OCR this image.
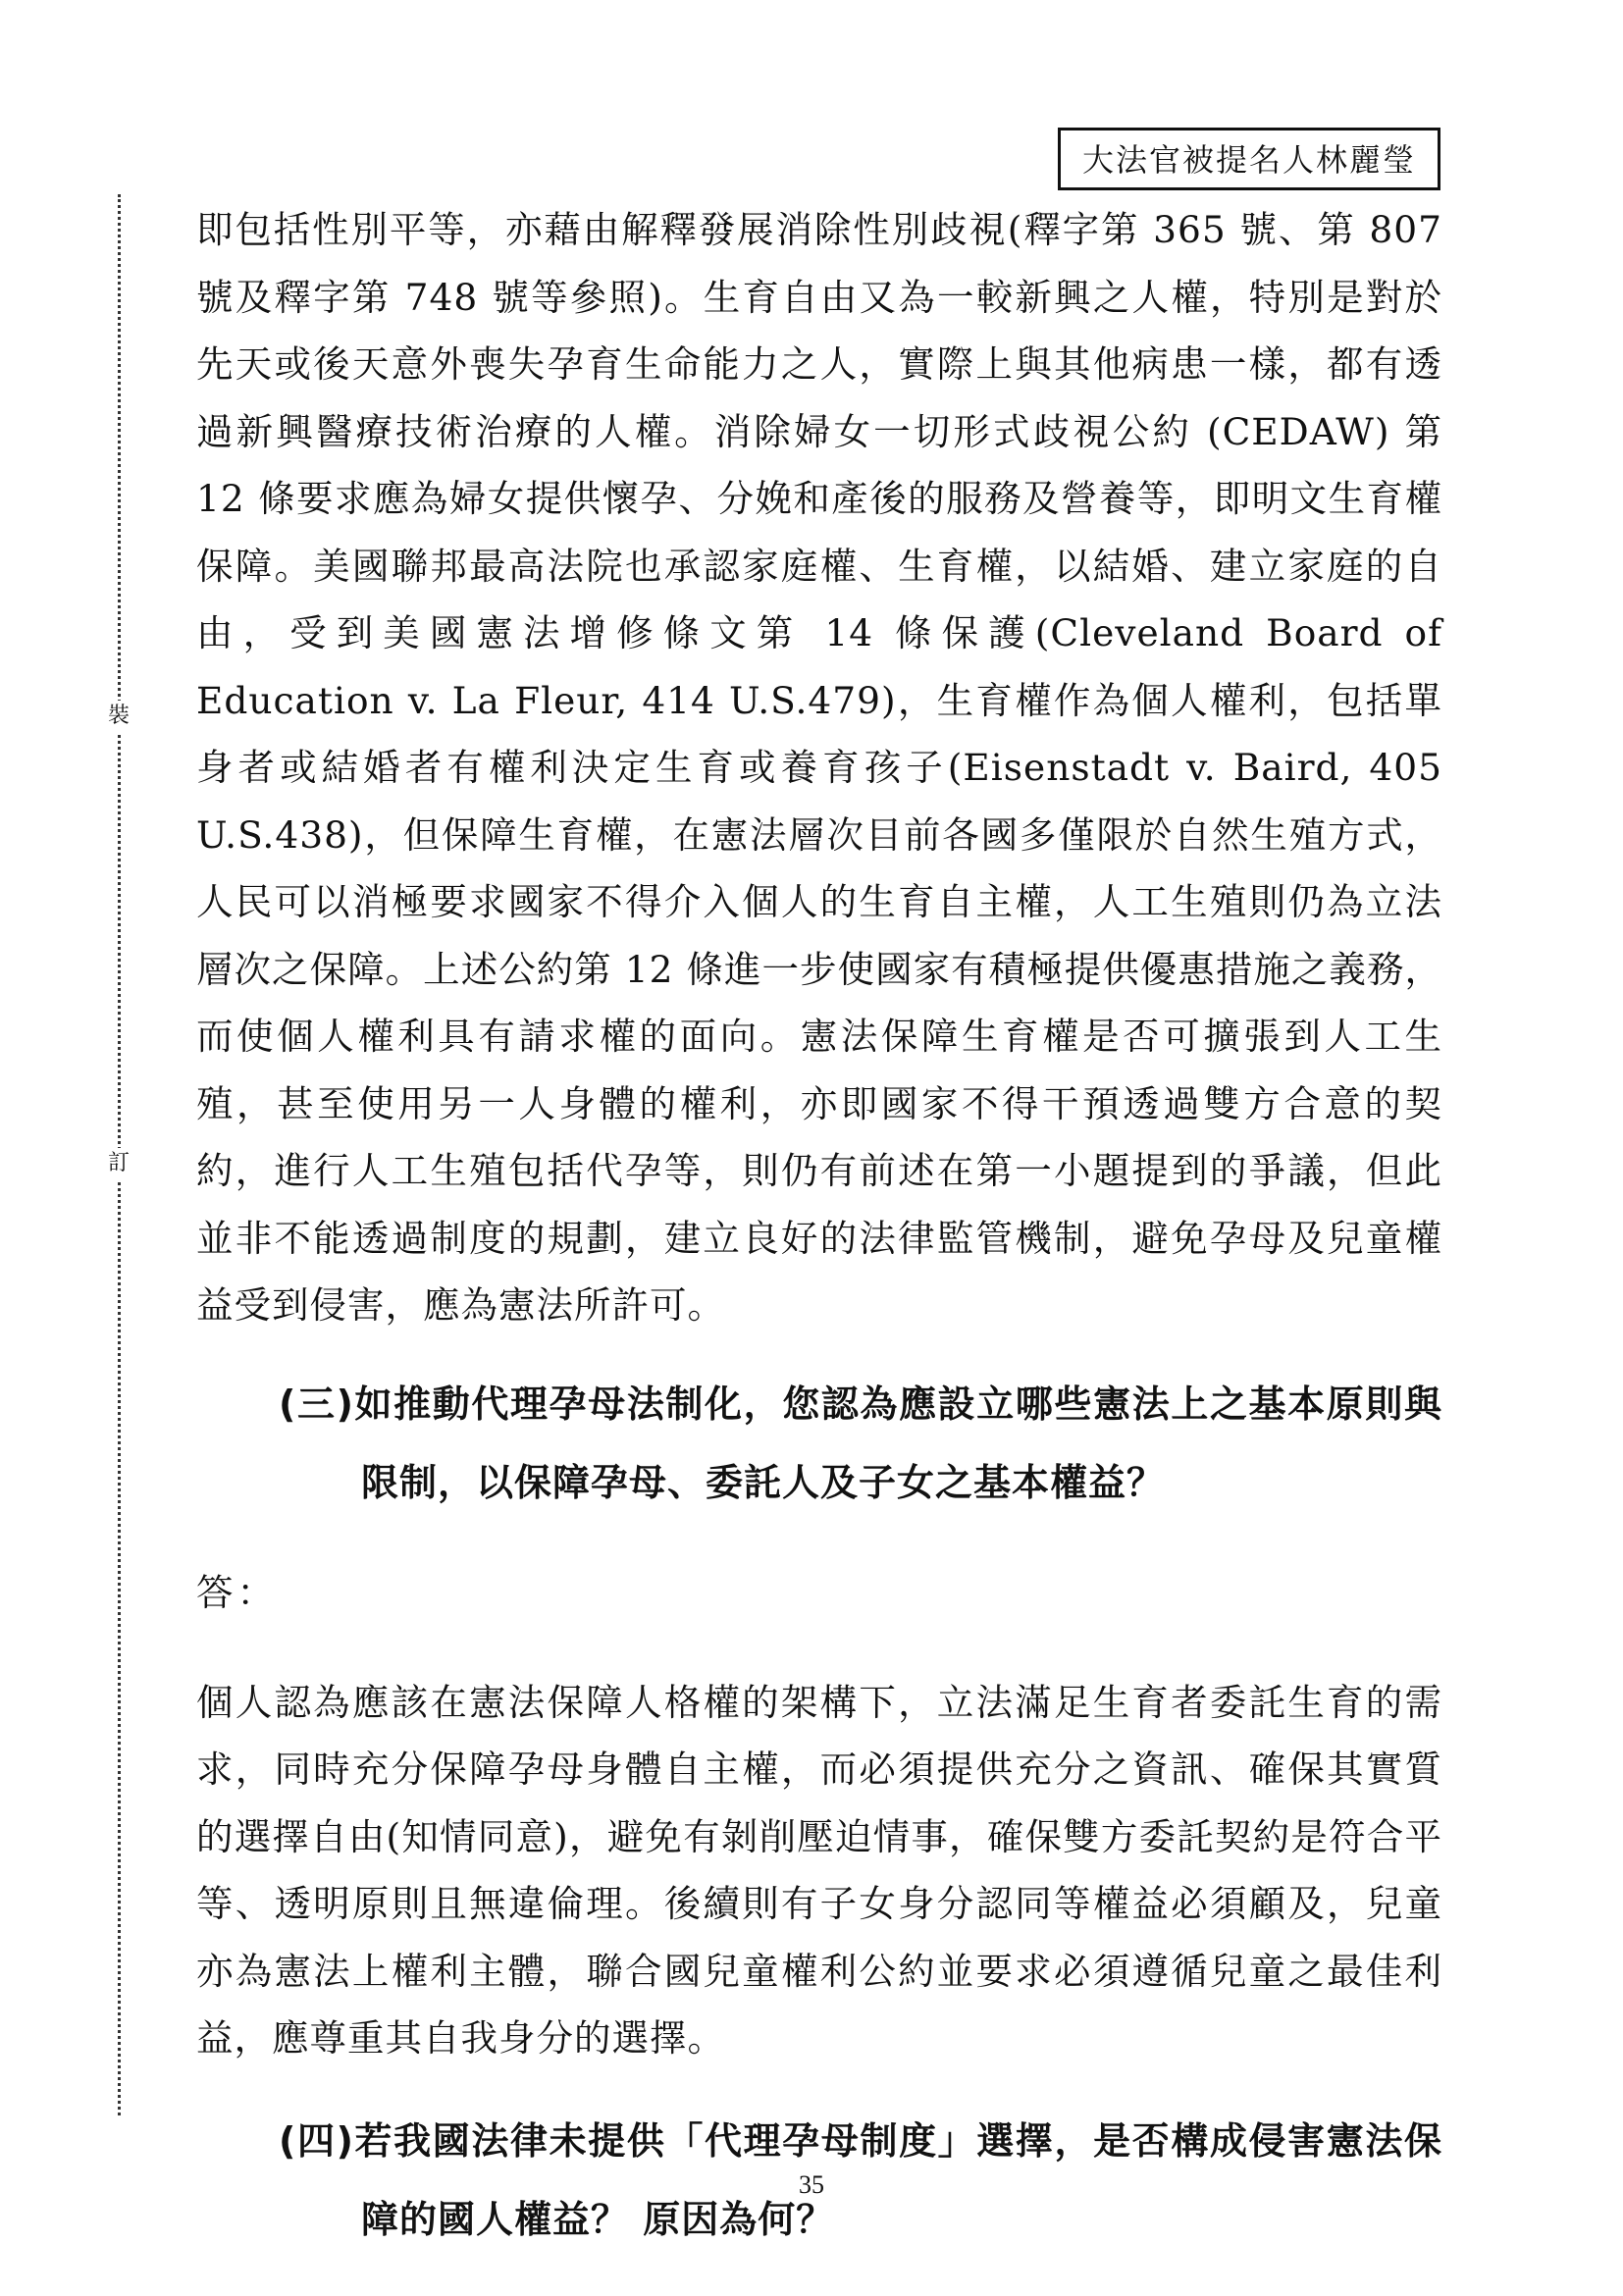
大法官被提名人林麗瑩
裝
訂

即包括性別平等，亦藉由解釋發展消除性別歧視(釋字第 365 號、第 807 號及釋字第 748 號等參照)。生育自由又為一較新興之人權，特別是對於先天或後天意外喪失孕育生命能力之人，實際上與其他病患一樣，都有透過新興醫療技術治療的人權。消除婦女一切形式歧視公約 (CEDAW) 第 12 條要求應為婦女提供懷孕、分娩和產後的服務及營養等，即明文生育權保障。美國聯邦最高法院也承認家庭權、生育權，以結婚、建立家庭的自由，受到美國憲法增修條文第 14 條保護(Cleveland Board of Education v. La Fleur, 414 U.S.479)，生育權作為個人權利，包括單身者或結婚者有權利決定生育或養育孩子(Eisenstadt v. Baird, 405 U.S.438)，但保障生育權，在憲法層次目前各國多僅限於自然生殖方式，人民可以消極要求國家不得介入個人的生育自主權，人工生殖則仍為立法層次之保障。上述公約第 12 條進一步使國家有積極提供優惠措施之義務，而使個人權利具有請求權的面向。憲法保障生育權是否可擴張到人工生殖，甚至使用另一人身體的權利，亦即國家不得干預透過雙方合意的契約，進行人工生殖包括代孕等，則仍有前述在第一小題提到的爭議，但此並非不能透過制度的規劃，建立良好的法律監管機制，避免孕母及兒童權益受到侵害，應為憲法所許可。

(三)如推動代理孕母法制化，您認為應設立哪些憲法上之基本原則與限制，以保障孕母、委託人及子女之基本權益？

答：

個人認為應該在憲法保障人格權的架構下，立法滿足生育者委託生育的需求，同時充分保障孕母身體自主權，而必須提供充分之資訊、確保其實質的選擇自由(知情同意)，避免有剝削壓迫情事，確保雙方委託契約是符合平等、透明原則且無違倫理。後續則有子女身分認同等權益必須顧及，兒童亦為憲法上權利主體，聯合國兒童權利公約並要求必須遵循兒童之最佳利益，應尊重其自我身分的選擇。

(四)若我國法律未提供「代理孕母制度」選擇，是否構成侵害憲法保障的國人權益？ 原因為何？

35
